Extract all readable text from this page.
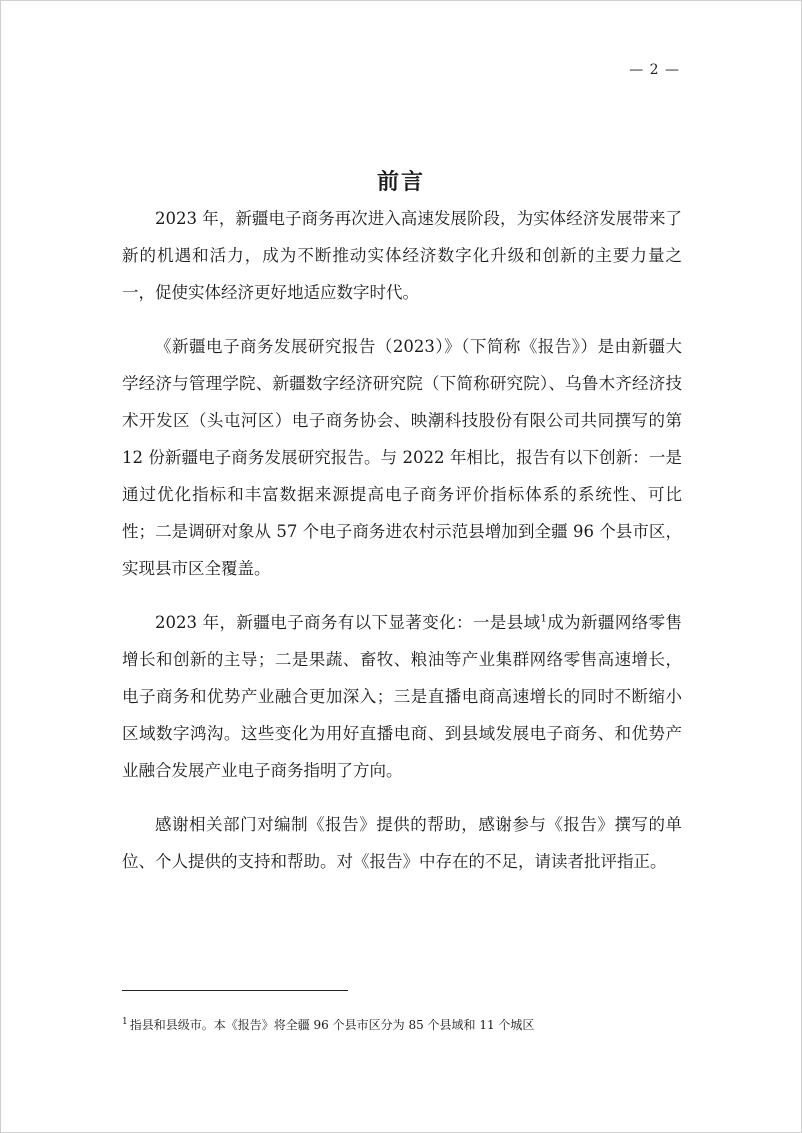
— 2 —
前言

2023 年，新疆电子商务再次进入高速发展阶段，为实体经济发展带来了新的机遇和活力，成为不断推动实体经济数字化升级和创新的主要力量之一，促使实体经济更好地适应数字时代。

《新疆电子商务发展研究报告（2023）》（下简称《报告》）是由新疆大学经济与管理学院、新疆数字经济研究院（下简称研究院）、乌鲁木齐经济技术开发区（头屯河区）电子商务协会、映潮科技股份有限公司共同撰写的第 12 份新疆电子商务发展研究报告。与 2022 年相比，报告有以下创新：一是通过优化指标和丰富数据来源提高电子商务评价指标体系的系统性、可比性；二是调研对象从 57 个电子商务进农村示范县增加到全疆 96 个县市区，实现县市区全覆盖。

2023 年，新疆电子商务有以下显著变化：一是县域$^1$成为新疆网络零售增长和创新的主导；二是果蔬、畜牧、粮油等产业集群网络零售高速增长，电子商务和优势产业融合更加深入；三是直播电商高速增长的同时不断缩小区域数字鸿沟。这些变化为用好直播电商、到县域发展电子商务、和优势产业融合发展产业电子商务指明了方向。

感谢相关部门对编制《报告》提供的帮助，感谢参与《报告》撰写的单位、个人提供的支持和帮助。对《报告》中存在的不足，请读者批评指正。

$^1$ 指县和县级市。本《报告》将全疆 96 个县市区分为 85 个县域和 11 个城区
